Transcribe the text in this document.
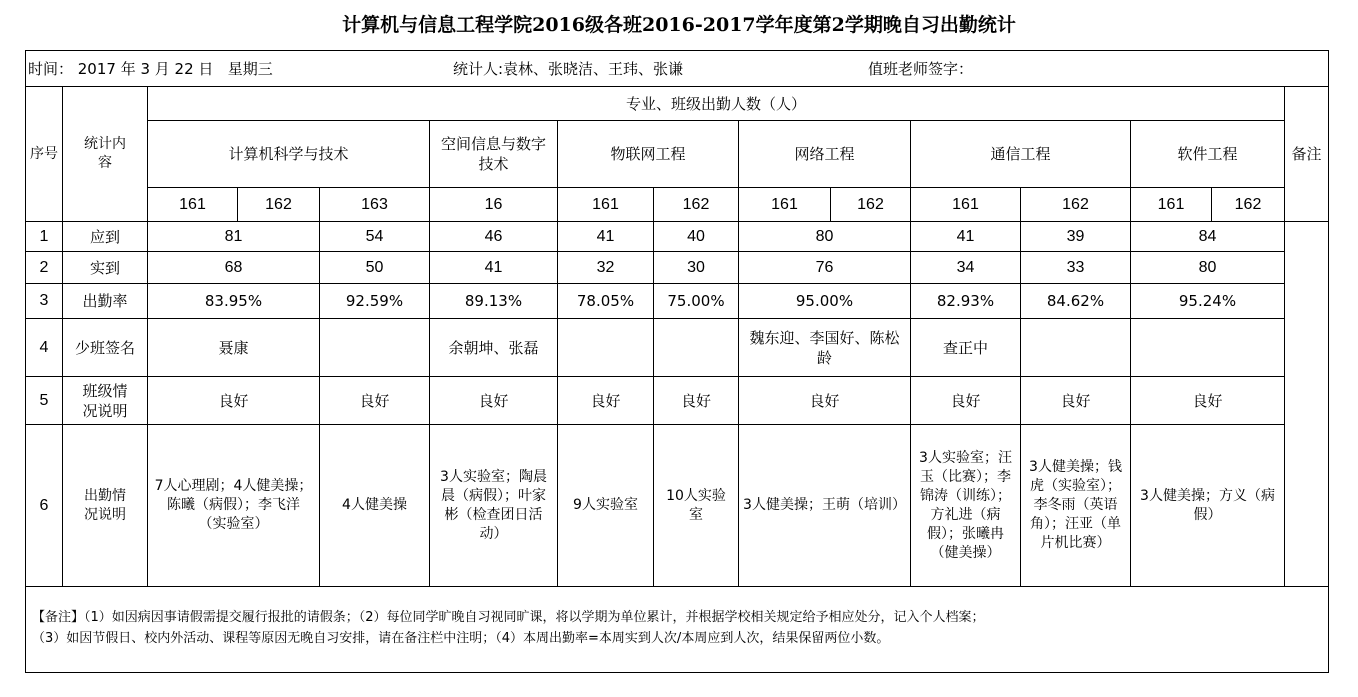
计算机与信息工程学院2016级各班2016-2017学年度第2学期晚自习出勤统计
时间： 2017 年 3 月 22 日   星期三 统计人:袁林、张晓洁、王玮、张谦 值班老师签字：														

序号	统计内容	专业、班级出勤人数（人）												备注
		计算机科学与技术			空间信息与数字技术	物联网工程		网络工程		通信工程		软件工程		
		161	162	163	16	161	162	161	162	161	162	161	162	
1	应到	81		54	46	41	40	80		41	39	84		
2	实到	68		50	41	32	30	76		34	33	80		
3	出勤率	83.95%		92.59%	89.13%	78.05%	75.00%	95.00%		82.93%	84.62%	95.24%		
4	少班签名	聂康			余朝坤、张磊			魏东迎、李国好、陈松龄		查正中				
5	班级情况说明	良好		良好	良好	良好	良好	良好		良好	良好	良好		
6	出勤情况说明	7人心理剧；4人健美操；陈曦（病假）；李飞洋（实验室）		4人健美操	3人实验室；陶晨晨（病假）；叶家彬（检查团日活动）	9人实验室	10人实验室	3人健美操；王萌（培训）		3人实验室；汪玉（比赛）；李锦涛（训练）；方礼进（病假）；张曦冉（健美操）	3人健美操；钱虎（实验室）；李冬雨（英语角）；汪亚（单片机比赛）	3人健美操；方义（病假）		

【备注】（1）如因病因事请假需提交履行报批的请假条；（2）每位同学旷晚自习视同旷课，将以学期为单位累计，并根据学校相关规定给予相应处分，记入个人档案；
（3）如因节假日、校内外活动、课程等原因无晚自习安排，请在备注栏中注明；（4）本周出勤率=本周实到人次/本周应到人次，结果保留两位小数。														
